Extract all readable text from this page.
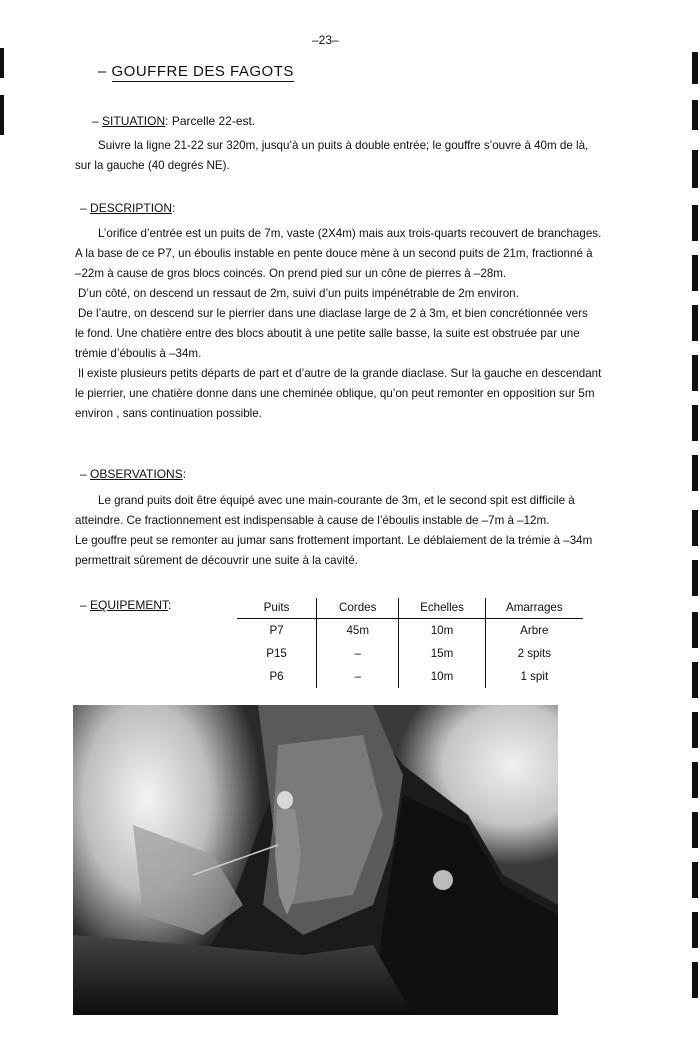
–23–
– GOUFFRE DES FAGOTS
– SITUATION: Parcelle 22-est.
Suivre la ligne 21-22 sur 320m, jusqu’à un puits à double entrée; le gouffre s’ouvre à 40m de là,
sur la gauche (40 degrés NE).
– DESCRIPTION:
L’orifice d’entrée est un puits de 7m, vaste (2X4m) mais aux trois-quarts recouvert de branchages.
A la base de ce P7, un éboulis instable en pente douce mène à un second puits de 21m, fractionné à
–22m à cause de gros blocs coincés. On prend pied sur un cône de pierres à –28m.
D’un côté, on descend un ressaut de 2m, suivi d’un puits impénétrable de 2m environ.
De l’autre, on descend sur le pierrier dans une diaclase large de 2 à 3m, et bien concrétionnée vers
le fond. Une chatière entre des blocs aboutit à une petite salle basse, la suite est obstruée par une
trémie d’éboulis à –34m.
Il existe plusieurs petits départs de part et d’autre de la grande diaclase. Sur la gauche en descendant
le pierrier, une chatière donne dans une cheminée oblique, qu’on peut remonter en opposition sur 5m
environ , sans continuation possible.
– OBSERVATIONS:
Le grand puits doit être équipé avec une main-courante de 3m, et le second spit est difficile à
atteindre. Ce fractionnement est indispensable à cause de l’éboulis instable de –7m à –12m.
Le gouffre peut se remonter au jumar sans frottement important. Le déblaiement de la trémie à –34m
permettrait sûrement de découvrir une suite à la cavité.
– EQUIPEMENT:	Puits	Cordes	Echelles	Amarrages
P7	45m	10m	Arbre
P15	–	15m	2 spits
P6	–	10m	1 spit
